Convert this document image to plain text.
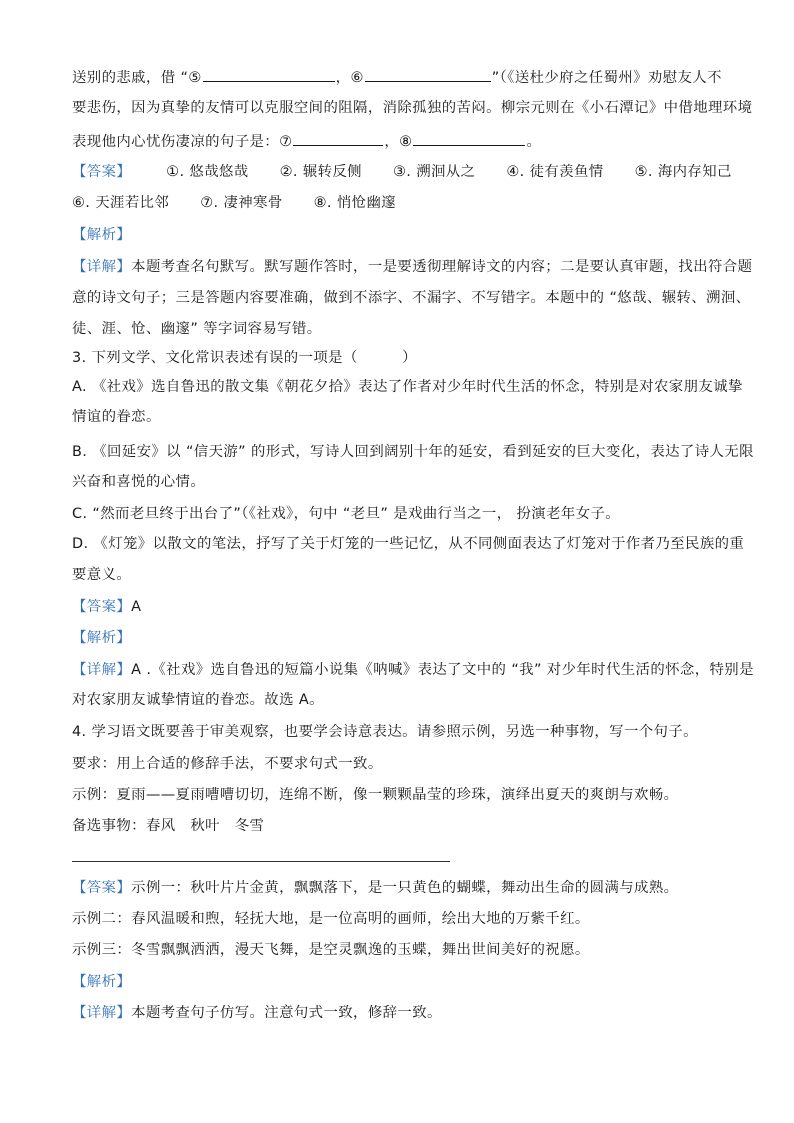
送别的悲戚，借 “⑤	，⑥	”（《送杜少府之任蜀州》劝慰友人不
要悲伤，因为真挚的友情可以克服空间的阻隔，消除孤独的苦闷。柳宗元则在《小石潭记》中借地理环境
表现他内心忧伤凄凉的句子是：⑦	，⑧	。
【答案】 ①. 悠哉悠哉 ②. 辗转反侧 ③. 溯洄从之 ④. 徒有羡鱼情 ⑤. 海内存知己
⑥. 天涯若比邻 ⑦. 凄神寒骨 ⑧. 悄怆幽邃
【解析】
【详解】本题考查名句默写。默写题作答时，一是要透彻理解诗文的内容；二是要认真审题，找出符合题
意的诗文句子；三是答题内容要准确，做到不添字、不漏字、不写错字。本题中的 “悠哉、辗转、溯洄、
徒、涯、怆、幽邃” 等字词容易写错。
3. 下列文学、文化常识表述有误的一项是（　　　）
A. 《社戏》选自鲁迅的散文集《朝花夕拾》表达了作者对少年时代生活的怀念，特别是对农家朋友诚挚
情谊的眷恋。
B. 《回延安》以 “信天游” 的形式，写诗人回到阔别十年的延安，看到延安的巨大变化，表达了诗人无限
兴奋和喜悦的心情。
C. “然而老旦终于出台了”（《社戏》，句中 “老旦” 是戏曲行当之一， 扮演老年女子。
D. 《灯笼》以散文的笔法，抒写了关于灯笼的一些记忆，从不同侧面表达了灯笼对于作者乃至民族的重
要意义。
【答案】A
【解析】
【详解】A .《社戏》选自鲁迅的短篇小说集《呐喊》表达了文中的 “我” 对少年时代生活的怀念，特别是
对农家朋友诚挚情谊的眷恋。故选 A。
4. 学习语文既要善于审美观察，也要学会诗意表达。请参照示例，另选一种事物，写一个句子。
要求：用上合适的修辞手法，不要求句式一致。
示例：夏雨——夏雨嘈嘈切切，连绵不断，像一颗颗晶莹的珍珠，演绎出夏天的爽朗与欢畅。
备选事物：春风　秋叶　冬雪
【答案】示例一：秋叶片片金黄，飘飘落下，是一只黄色的蝴蝶，舞动出生命的圆满与成熟。
示例二：春风温暖和煦，轻抚大地，是一位高明的画师，绘出大地的万紫千红。
示例三：冬雪飘飘洒洒，漫天飞舞，是空灵飘逸的玉蝶，舞出世间美好的祝愿。
【解析】
【详解】本题考查句子仿写。注意句式一致，修辞一致。
